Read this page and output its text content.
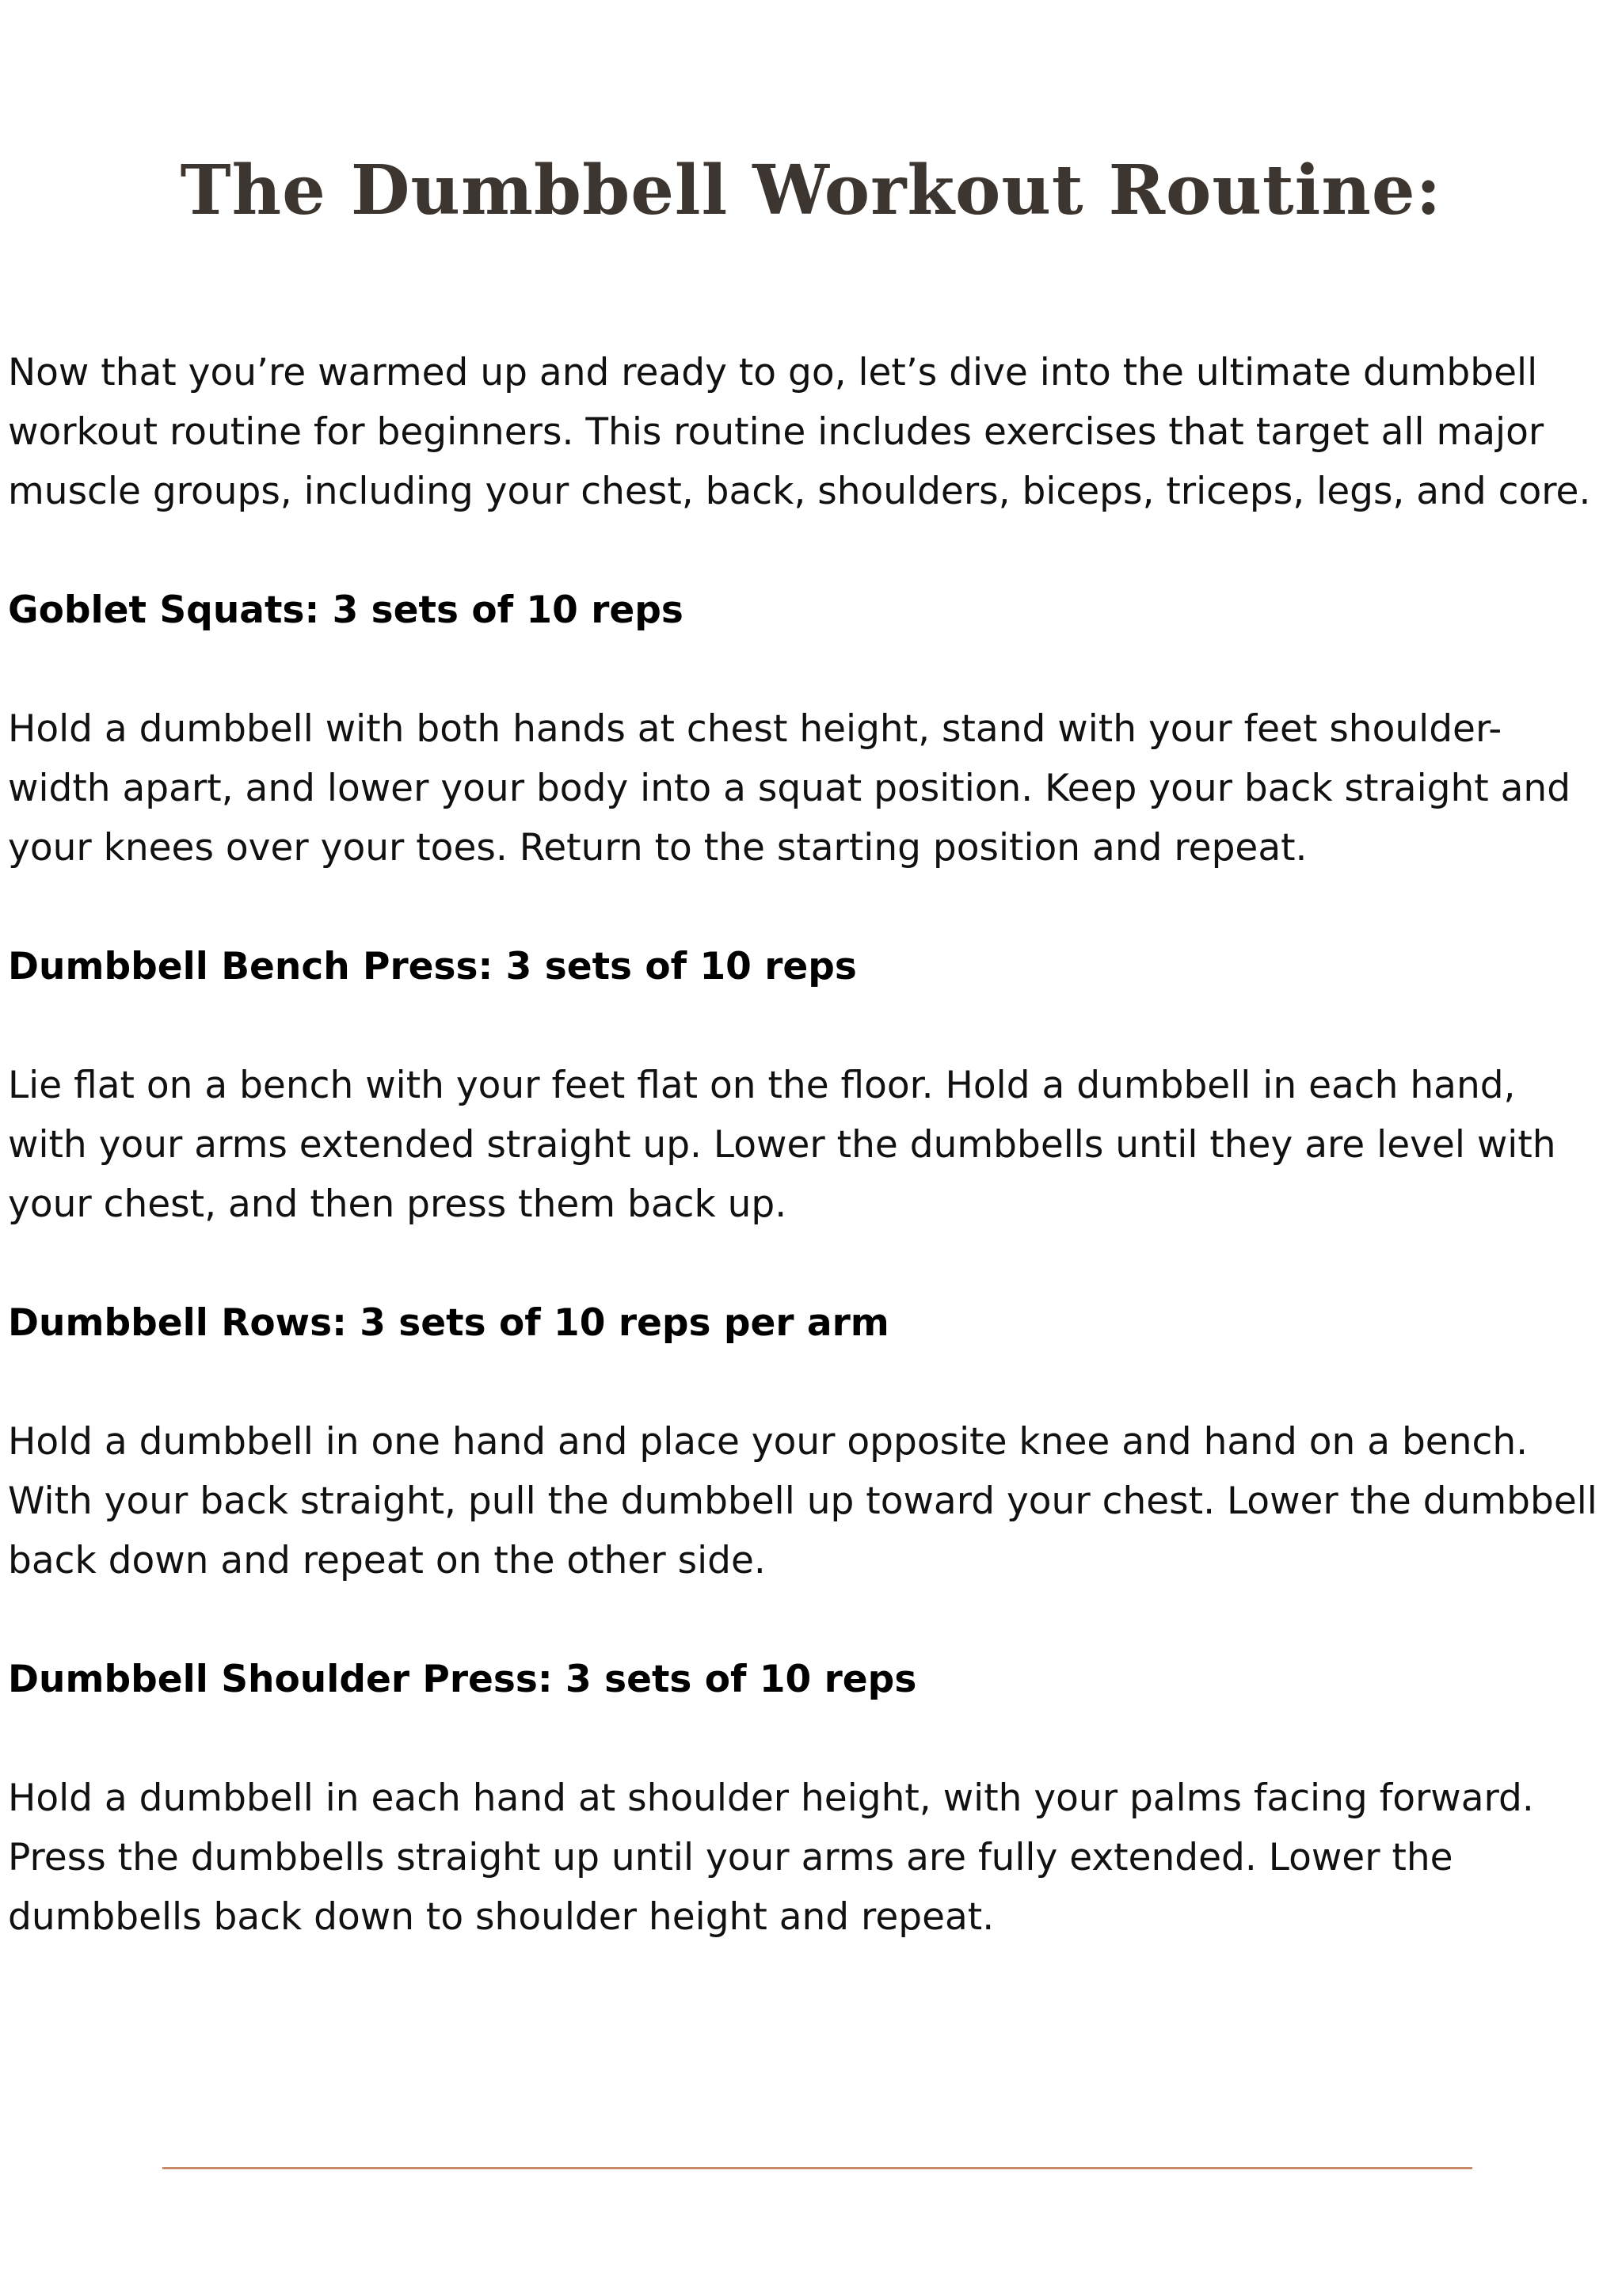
The Dumbbell Workout Routine:

Now that you’re warmed up and ready to go, let’s dive into the ultimate dumbbell
workout routine for beginners. This routine includes exercises that target all major
muscle groups, including your chest, back, shoulders, biceps, triceps, legs, and core.

Goblet Squats: 3 sets of 10 reps

Hold a dumbbell with both hands at chest height, stand with your feet shoulder-
width apart, and lower your body into a squat position. Keep your back straight and
your knees over your toes. Return to the starting position and repeat.

Dumbbell Bench Press: 3 sets of 10 reps

Lie flat on a bench with your feet flat on the floor. Hold a dumbbell in each hand,
with your arms extended straight up. Lower the dumbbells until they are level with
your chest, and then press them back up.

Dumbbell Rows: 3 sets of 10 reps per arm

Hold a dumbbell in one hand and place your opposite knee and hand on a bench.
With your back straight, pull the dumbbell up toward your chest. Lower the dumbbell
back down and repeat on the other side.

Dumbbell Shoulder Press: 3 sets of 10 reps

Hold a dumbbell in each hand at shoulder height, with your palms facing forward.
Press the dumbbells straight up until your arms are fully extended. Lower the
dumbbells back down to shoulder height and repeat.
